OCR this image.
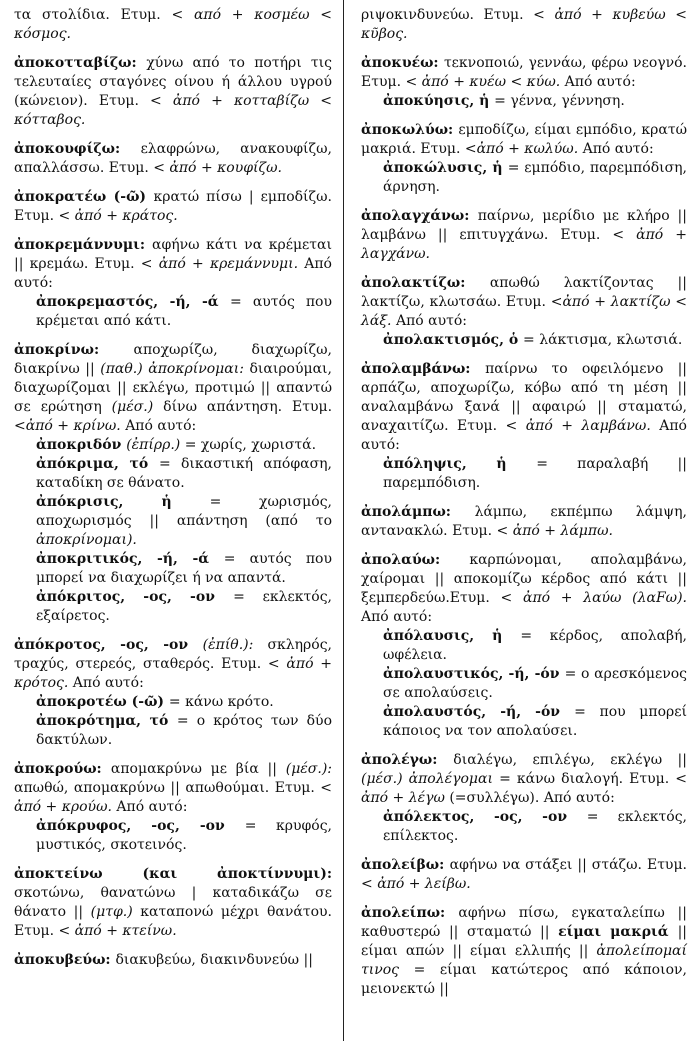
τα στολίδια. Ετυμ. < από + κοσμέω < κόσμος.
ἀποκοτταβίζω: χύνω από το ποτήρι τις τελευταίες σταγόνες οίνου ή άλλου υγρού (κώνειον). Ετυμ. < ἀπό + κοτταβίζω < κότταβος.
ἀποκουφίζω: ελαφρώνω, ανακουφίζω, απαλλάσσω. Ετυμ. < ἀπό + κουφίζω.
ἀποκρατέω (-ῶ) κρατώ πίσω | εμποδίζω. Ετυμ. < ἀπό + κράτος.
ἀποκρεμάννυμι: αφήνω κάτι να κρέμεται || κρεμάω. Ετυμ. < ἀπό + κρεμάννυμι. Από αυτό:
ἀποκρεμαστός, -ή, -ά = αυτός που κρέμεται από κάτι.
ἀποκρίνω: αποχωρίζω, διαχωρίζω, διακρίνω || (παθ.) ἀποκρίνομαι: διαιρούμαι, διαχωρίζομαι || εκλέγω, προτιμώ || απαντώ σε ερώτηση (μέσ.) δίνω απάντηση. Ετυμ. <ἀπό + κρίνω. Από αυτό:
ἀποκριδόν (ἐπίρρ.) = χωρίς, χωριστά.
ἀπόκριμα, τό = δικαστική απόφαση, καταδίκη σε θάνατο.
ἀπόκρισις, ἡ = χωρισμός, αποχωρισμός || απάντηση (από το ἀποκρίνομαι).
ἀποκριτικός, -ή, -ά = αυτός που μπορεί να διαχωρίζει ή να απαντά.
ἀπόκριτος, -ος, -ον = εκλεκτός, εξαίρετος.
ἀπόκροτος, -ος, -ον (ἐπίθ.): σκληρός, τραχύς, στερεός, σταθερός. Ετυμ. < ἀπό + κρότος. Από αυτό:
ἀποκροτέω (-ῶ) = κάνω κρότο.
ἀποκρότημα, τό = ο κρότος των δύο δακτύλων.
ἀποκρούω: απομακρύνω με βία || (μέσ.): απωθώ, απομακρύνω || απωθούμαι. Ετυμ. < ἀπό + κρούω. Από αυτό:
ἀπόκρυφος, -ος, -ον = κρυφός, μυστικός, σκοτεινός.
ἀποκτείνω (και ἀποκτίννυμι): σκοτώνω, θανατώνω | καταδικάζω σε θάνατο || (μτφ.) καταπονώ μέχρι θανάτου. Ετυμ. < ἀπό + κτείνω.
ἀποκυβεύω: διακυβεύω, διακινδυνεύω ||
ριψοκινδυνεύω. Ετυμ. < ἀπό + κυβεύω < κῦβος.
ἀποκυέω: τεκνοποιώ, γεννάω, φέρω νεογνό. Ετυμ. < ἀπό + κυέω < κύω. Από αυτό:
ἀποκύησις, ἡ = γέννα, γέννηση.
ἀποκωλύω: εμποδίζω, είμαι εμπόδιο, κρατώ μακριά. Ετυμ. <ἀπό + κωλύω. Από αυτό:
ἀποκώλυσις, ἡ = εμπόδιο, παρεμπόδιση, άρνηση.
ἀπολαγχάνω: παίρνω, μερίδιο με κλήρο || λαμβάνω || επιτυγχάνω. Ετυμ. < ἀπό + λαγχάνω.
ἀπολακτίζω: απωθώ λακτίζοντας || λακτίζω, κλωτσάω. Ετυμ. <ἀπό + λακτίζω < λάξ. Από αυτό:
ἀπολακτισμός, ὁ = λάκτισμα, κλωτσιά.
ἀπολαμβάνω: παίρνω το οφειλόμενο || αρπάζω, αποχωρίζω, κόβω από τη μέση || αναλαμβάνω ξανά || αφαιρώ || σταματώ, αναχαιτίζω. Ετυμ. < ἀπό + λαμβάνω. Από αυτό:
ἀπόληψις, ἡ = παραλαβή || παρεμπόδιση.
ἀπολάμπω: λάμπω, εκπέμπω λάμψη, αντανακλώ. Ετυμ. < ἀπό + λάμπω.
ἀπολαύω: καρπώνομαι, απολαμβάνω, χαίρομαι || αποκομίζω κέρδος από κάτι || ξεμπερδεύω.Ετυμ. < ἀπό + λαύω (λαFω). Από αυτό:
ἀπόλαυσις, ἡ = κέρδος, απολαβή, ωφέλεια.
ἀπολαυστικός, -ή, -όν = ο αρεσκόμενος σε απολαύσεις.
ἀπολαυστός, -ή, -όν = που μπορεί κάποιος να τον απολαύσει.
ἀπολέγω: διαλέγω, επιλέγω, εκλέγω || (μέσ.) ἀπολέγομαι = κάνω διαλογή. Ετυμ. < ἀπό + λέγω (=συλλέγω). Από αυτό:
ἀπόλεκτος, -ος, -ον = εκλεκτός, επίλεκτος.
ἀπολείβω: αφήνω να στάξει || στάζω. Ετυμ. < ἀπό + λείβω.
ἀπολείπω: αφήνω πίσω, εγκαταλείπω || καθυστερώ || σταματώ || είμαι μακριά || είμαι απών || είμαι ελλιπής || ἀπολείπομαί τινος = είμαι κατώτερος από κάποιον, μειονεκτώ ||
